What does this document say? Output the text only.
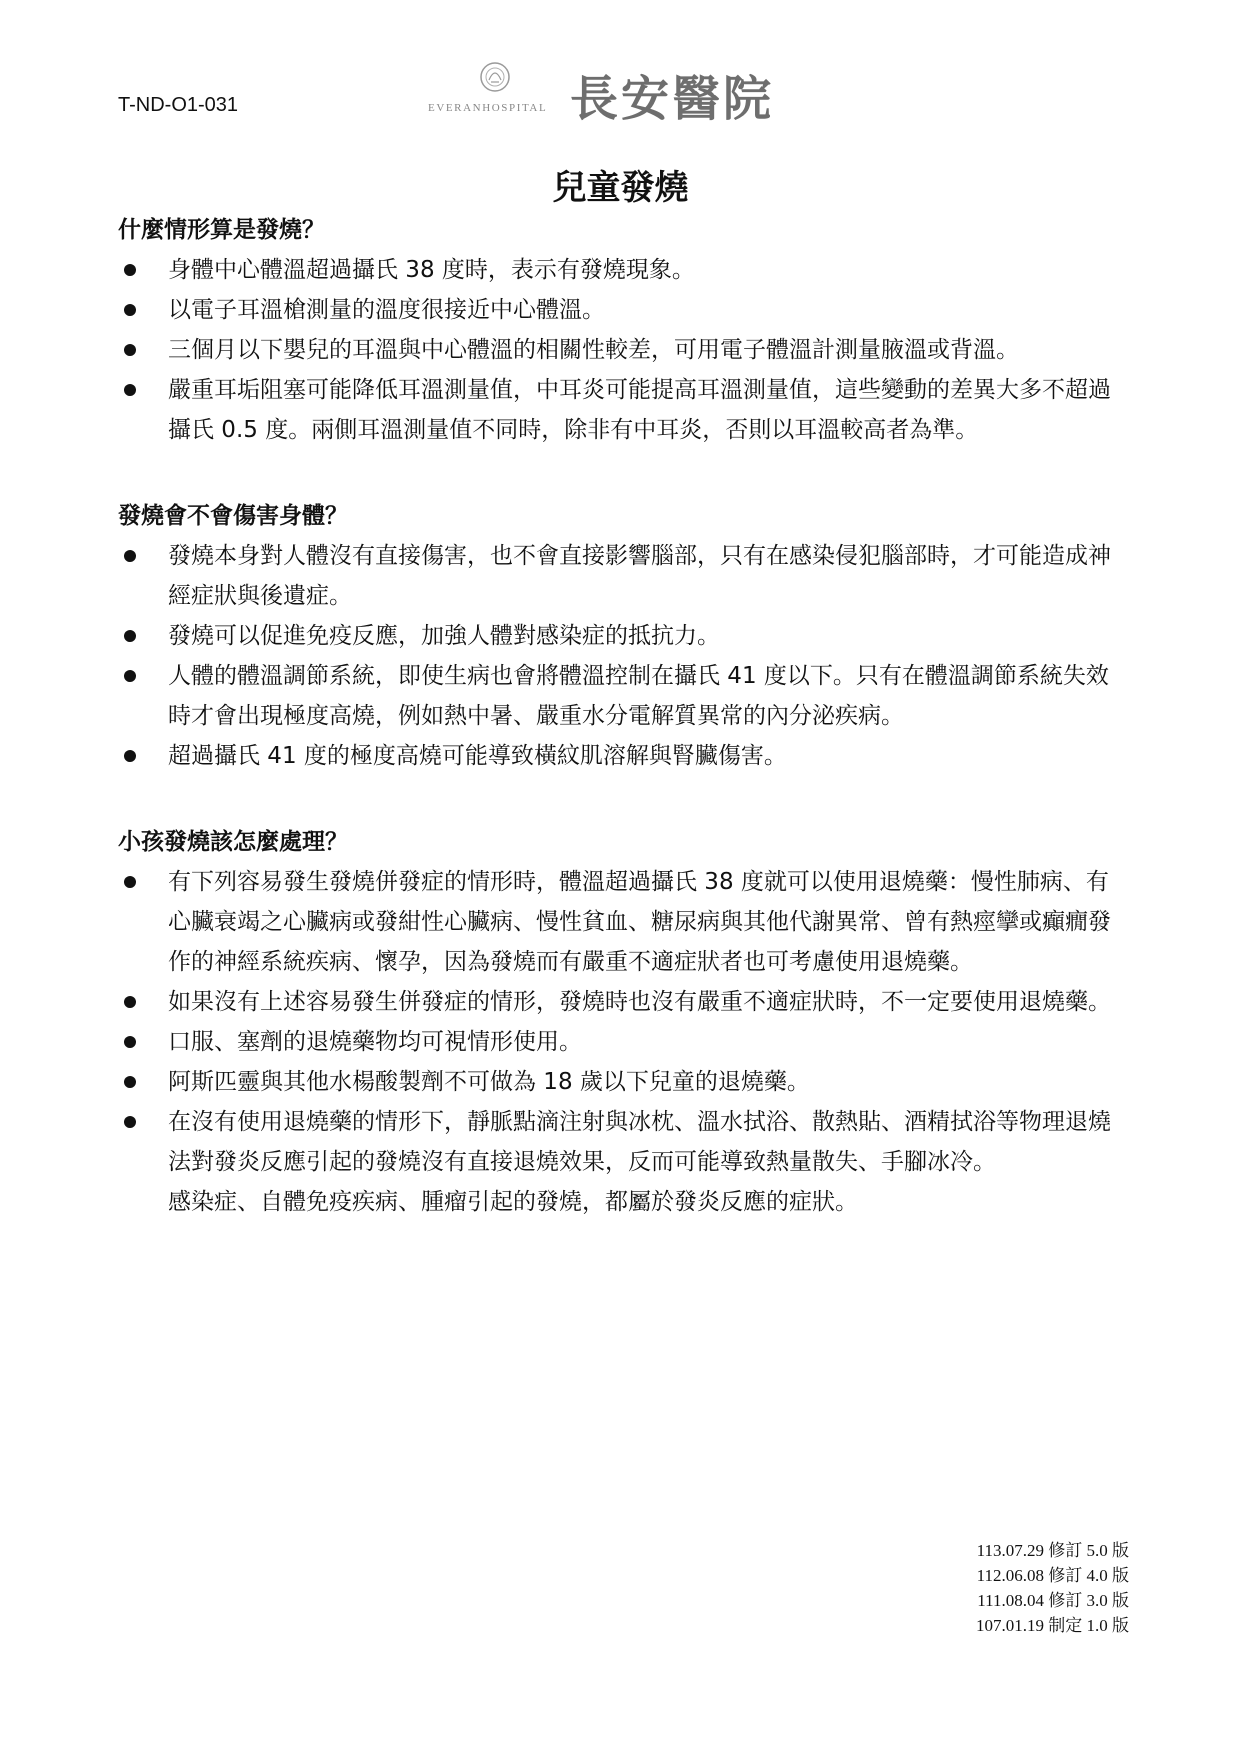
T-ND-O1-031	EVERANHOSPITAL 長安醫院
兒童發燒
什麼情形算是發燒？
身體中心體溫超過攝氏 38 度時，表示有發燒現象。
以電子耳溫槍測量的溫度很接近中心體溫。
三個月以下嬰兒的耳溫與中心體溫的相關性較差，可用電子體溫計測量腋溫或背溫。
嚴重耳垢阻塞可能降低耳溫測量值，中耳炎可能提高耳溫測量值，這些變動的差異大多不超過攝氏 0.5 度。兩側耳溫測量值不同時，除非有中耳炎，否則以耳溫較高者為準。
發燒會不會傷害身體？
發燒本身對人體沒有直接傷害，也不會直接影響腦部，只有在感染侵犯腦部時，才可能造成神經症狀與後遺症。
發燒可以促進免疫反應，加強人體對感染症的抵抗力。
人體的體溫調節系統，即使生病也會將體溫控制在攝氏 41 度以下。只有在體溫調節系統失效時才會出現極度高燒，例如熱中暑、嚴重水分電解質異常的內分泌疾病。
超過攝氏 41 度的極度高燒可能導致橫紋肌溶解與腎臟傷害。
小孩發燒該怎麼處理？
有下列容易發生發燒併發症的情形時，體溫超過攝氏 38 度就可以使用退燒藥：慢性肺病、有心臟衰竭之心臟病或發紺性心臟病、慢性貧血、糖尿病與其他代謝異常、曾有熱痙攣或癲癇發作的神經系統疾病、懷孕，因為發燒而有嚴重不適症狀者也可考慮使用退燒藥。
如果沒有上述容易發生併發症的情形，發燒時也沒有嚴重不適症狀時，不一定要使用退燒藥。
口服、塞劑的退燒藥物均可視情形使用。
阿斯匹靈與其他水楊酸製劑不可做為 18 歲以下兒童的退燒藥。
在沒有使用退燒藥的情形下，靜脈點滴注射與冰枕、溫水拭浴、散熱貼、酒精拭浴等物理退燒法對發炎反應引起的發燒沒有直接退燒效果，反而可能導致熱量散失、手腳冰冷。
感染症、自體免疫疾病、腫瘤引起的發燒，都屬於發炎反應的症狀。
113.07.29 修訂 5.0 版
112.06.08 修訂 4.0 版
111.08.04 修訂 3.0 版
107.01.19 制定 1.0 版
